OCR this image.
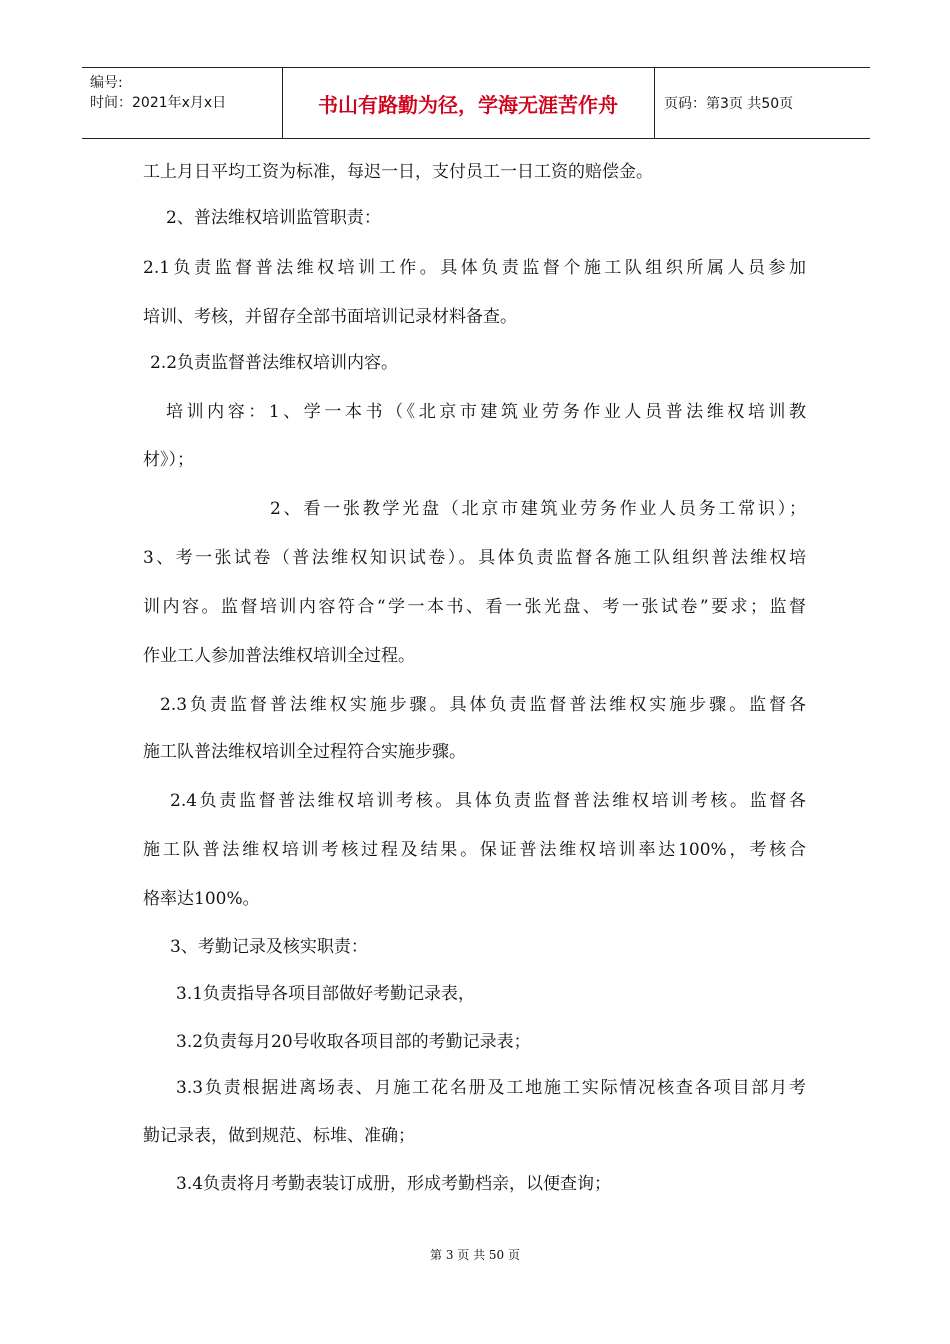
编号:
时间：2021年x月x日	书山有路勤为径，学海无涯苦作舟	页码：第3页 共50页
工上月日平均工资为标准，每迟一日，支付员工一日工资的赔偿金。
2、普法维权培训监管职责：
2.1负责监督普法维权培训工作。具体负责监督个施工队组织所属人员参加
培训、考核，并留存全部书面培训记录材料备查。
2.2负责监督普法维权培训内容。
培训内容：1、学一本书（《北京市建筑业劳务作业人员普法维权培训教
材》）；
2、看一张教学光盘（北京市建筑业劳务作业人员务工常识）；
3、考一张试卷（普法维权知识试卷）。具体负责监督各施工队组织普法维权培
训内容。监督培训内容符合“学一本书、看一张光盘、考一张试卷”要求；监督
作业工人参加普法维权培训全过程。
2.3负责监督普法维权实施步骤。具体负责监督普法维权实施步骤。监督各
施工队普法维权培训全过程符合实施步骤。
2.4负责监督普法维权培训考核。具体负责监督普法维权培训考核。监督各
施工队普法维权培训考核过程及结果。保证普法维权培训率达100%，考核合
格率达100%。
3、考勤记录及核实职责：
3.1负责指导各项目部做好考勤记录表，
3.2负责每月20号收取各项目部的考勤记录表；
3.3负责根据进离场表、月施工花名册及工地施工实际情况核查各项目部月考
勤记录表，做到规范、标堆、准确；
3.4负责将月考勤表装订成册，形成考勤档亲，以便查询；
第 3 页 共 50 页
